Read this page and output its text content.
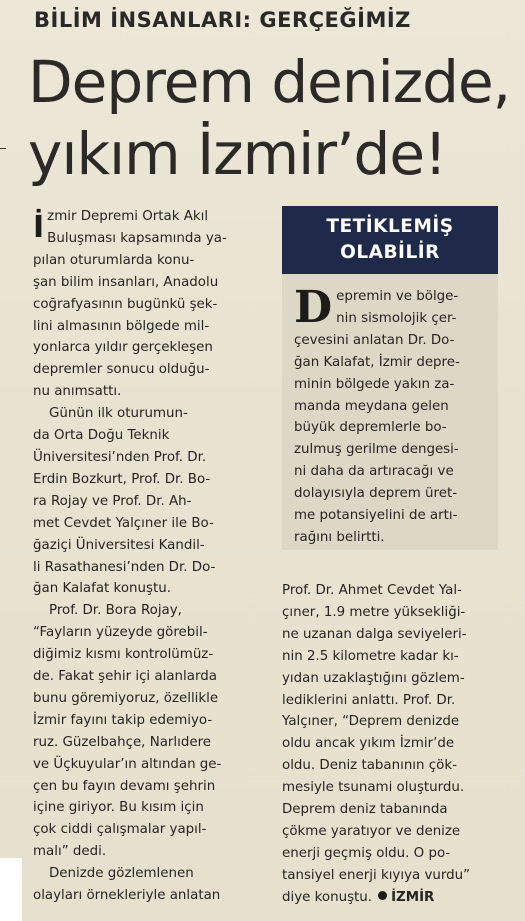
BİLİM İNSANLARI: GERÇEĞİMİZ
Deprem denizde,
yıkım İzmir’de!
İ zmir Depremi Ortak Akıl
Buluşması kapsamında ya-
pılan oturumlarda konu-
şan bilim insanları, Anadolu
coğrafyasının bugünkü şek-
lini almasının bölgede mil-
yonlarca yıldır gerçekleşen
depremler sonucu olduğu-
nu anımsattı.
Günün ilk oturumun-
da Orta Doğu Teknik
Üniversitesi’nden Prof. Dr.
Erdin Bozkurt, Prof. Dr. Bo-
ra Rojay ve Prof. Dr. Ah-
met Cevdet Yalçıner ile Bo-
ğaziçi Üniversitesi Kandil-
li Rasathanesi’nden Dr. Do-
ğan Kalafat konuştu.
Prof. Dr. Bora Rojay,
“Fayların yüzeyde görebil-
diğimiz kısmı kontrolümüz-
de. Fakat şehir içi alanlarda
bunu göremiyoruz, özellikle
İzmir fayını takip edemiyo-
ruz. Güzelbahçe, Narlıdere
ve Üçkuyular’ın altından ge-
çen bu fayın devamı şehrin
içine giriyor. Bu kısım için
çok ciddi çalışmalar yapıl-
malı” dedi.
Denizde gözlemlenen
olayları örnekleriyle anlatan
TETİKLEMİŞ
OLABİLİR
D epremin ve bölge-
nin sismolojik çer-
çevesini anlatan Dr. Do-
ğan Kalafat, İzmir depre-
minin bölgede yakın za-
manda meydana gelen
büyük depremlerle bo-
zulmuş gerilme dengesi-
ni daha da artıracağı ve
dolayısıyla deprem üret-
me potansiyelini de artı-
rağını belirtti.
Prof. Dr. Ahmet Cevdet Yal-
çıner, 1.9 metre yüksekliği-
ne uzanan dalga seviyeleri-
nin 2.5 kilometre kadar kı-
yıdan uzaklaştığını gözlem-
lediklerini anlattı. Prof. Dr.
Yalçıner, “Deprem denizde
oldu ancak yıkım İzmir’de
oldu. Deniz tabanının çök-
mesiyle tsunami oluşturdu.
Deprem deniz tabanında
çökme yaratıyor ve denize
enerji geçmiş oldu. O po-
tansiyel enerji kıyıya vurdu”
diye konuştu. İZMİR
